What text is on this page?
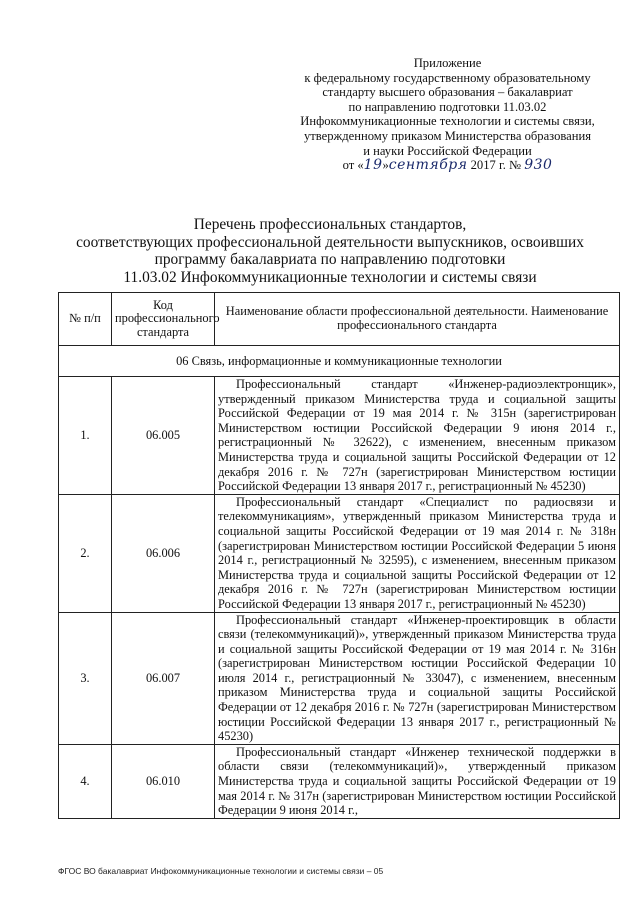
Приложение
к федеральному государственному образовательному
стандарту высшего образования – бакалавриат
по направлению подготовки 11.03.02
Инфокоммуникационные технологии и системы связи,
утвержденному приказом Министерства образования
и науки Российской Федерации
от «19»сентября 2017 г. № 930
Перечень профессиональных стандартов,
соответствующих профессиональной деятельности выпускников, освоивших
программу бакалавриата по направлению подготовки
11.03.02 Инфокоммуникационные технологии и системы связи
№ п/п	Код профессионального стандарта	Наименование области профессиональной деятельности. Наименование профессионального стандарта
06 Связь, информационные и коммуникационные технологии		
1.	06.005	Профессиональный стандарт «Инженер-радиоэлектронщик», утвержденный приказом Министерства труда и социальной защиты Российской Федерации от 19 мая 2014 г. № 315н (зарегистрирован Министерством юстиции Российской Федерации 9 июня 2014 г., регистрационный № 32622), с изменением, внесенным приказом Министерства труда и социальной защиты Российской Федерации от 12 декабря 2016 г. № 727н (зарегистрирован Министерством юстиции Российской Федерации 13 января 2017 г., регистрационный № 45230)
2.	06.006	Профессиональный стандарт «Специалист по радиосвязи и телекоммуникациям», утвержденный приказом Министерства труда и социальной защиты Российской Федерации от 19 мая 2014 г. № 318н (зарегистрирован Министерством юстиции Российской Федерации 5 июня 2014 г., регистрационный № 32595), с изменением, внесенным приказом Министерства труда и социальной защиты Российской Федерации от 12 декабря 2016 г. № 727н (зарегистрирован Министерством юстиции Российской Федерации 13 января 2017 г., регистрационный № 45230)
3.	06.007	Профессиональный стандарт «Инженер-проектировщик в области связи (телекоммуникаций)», утвержденный приказом Министерства труда и социальной защиты Российской Федерации от 19 мая 2014 г. № 316н (зарегистрирован Министерством юстиции Российской Федерации 10 июля 2014 г., регистрационный № 33047), с изменением, внесенным приказом Министерства труда и социальной защиты Российской Федерации от 12 декабря 2016 г. № 727н (зарегистрирован Министерством юстиции Российской Федерации 13 января 2017 г., регистрационный № 45230)
4.	06.010	Профессиональный стандарт «Инженер технической поддержки в области связи (телекоммуникаций)», утвержденный приказом Министерства труда и социальной защиты Российской Федерации от 19 мая 2014 г. № 317н (зарегистрирован Министерством юстиции Российской Федерации 9 июня 2014 г.,
ФГОС ВО бакалавриат Инфокоммуникационные технологии и системы связи – 05
